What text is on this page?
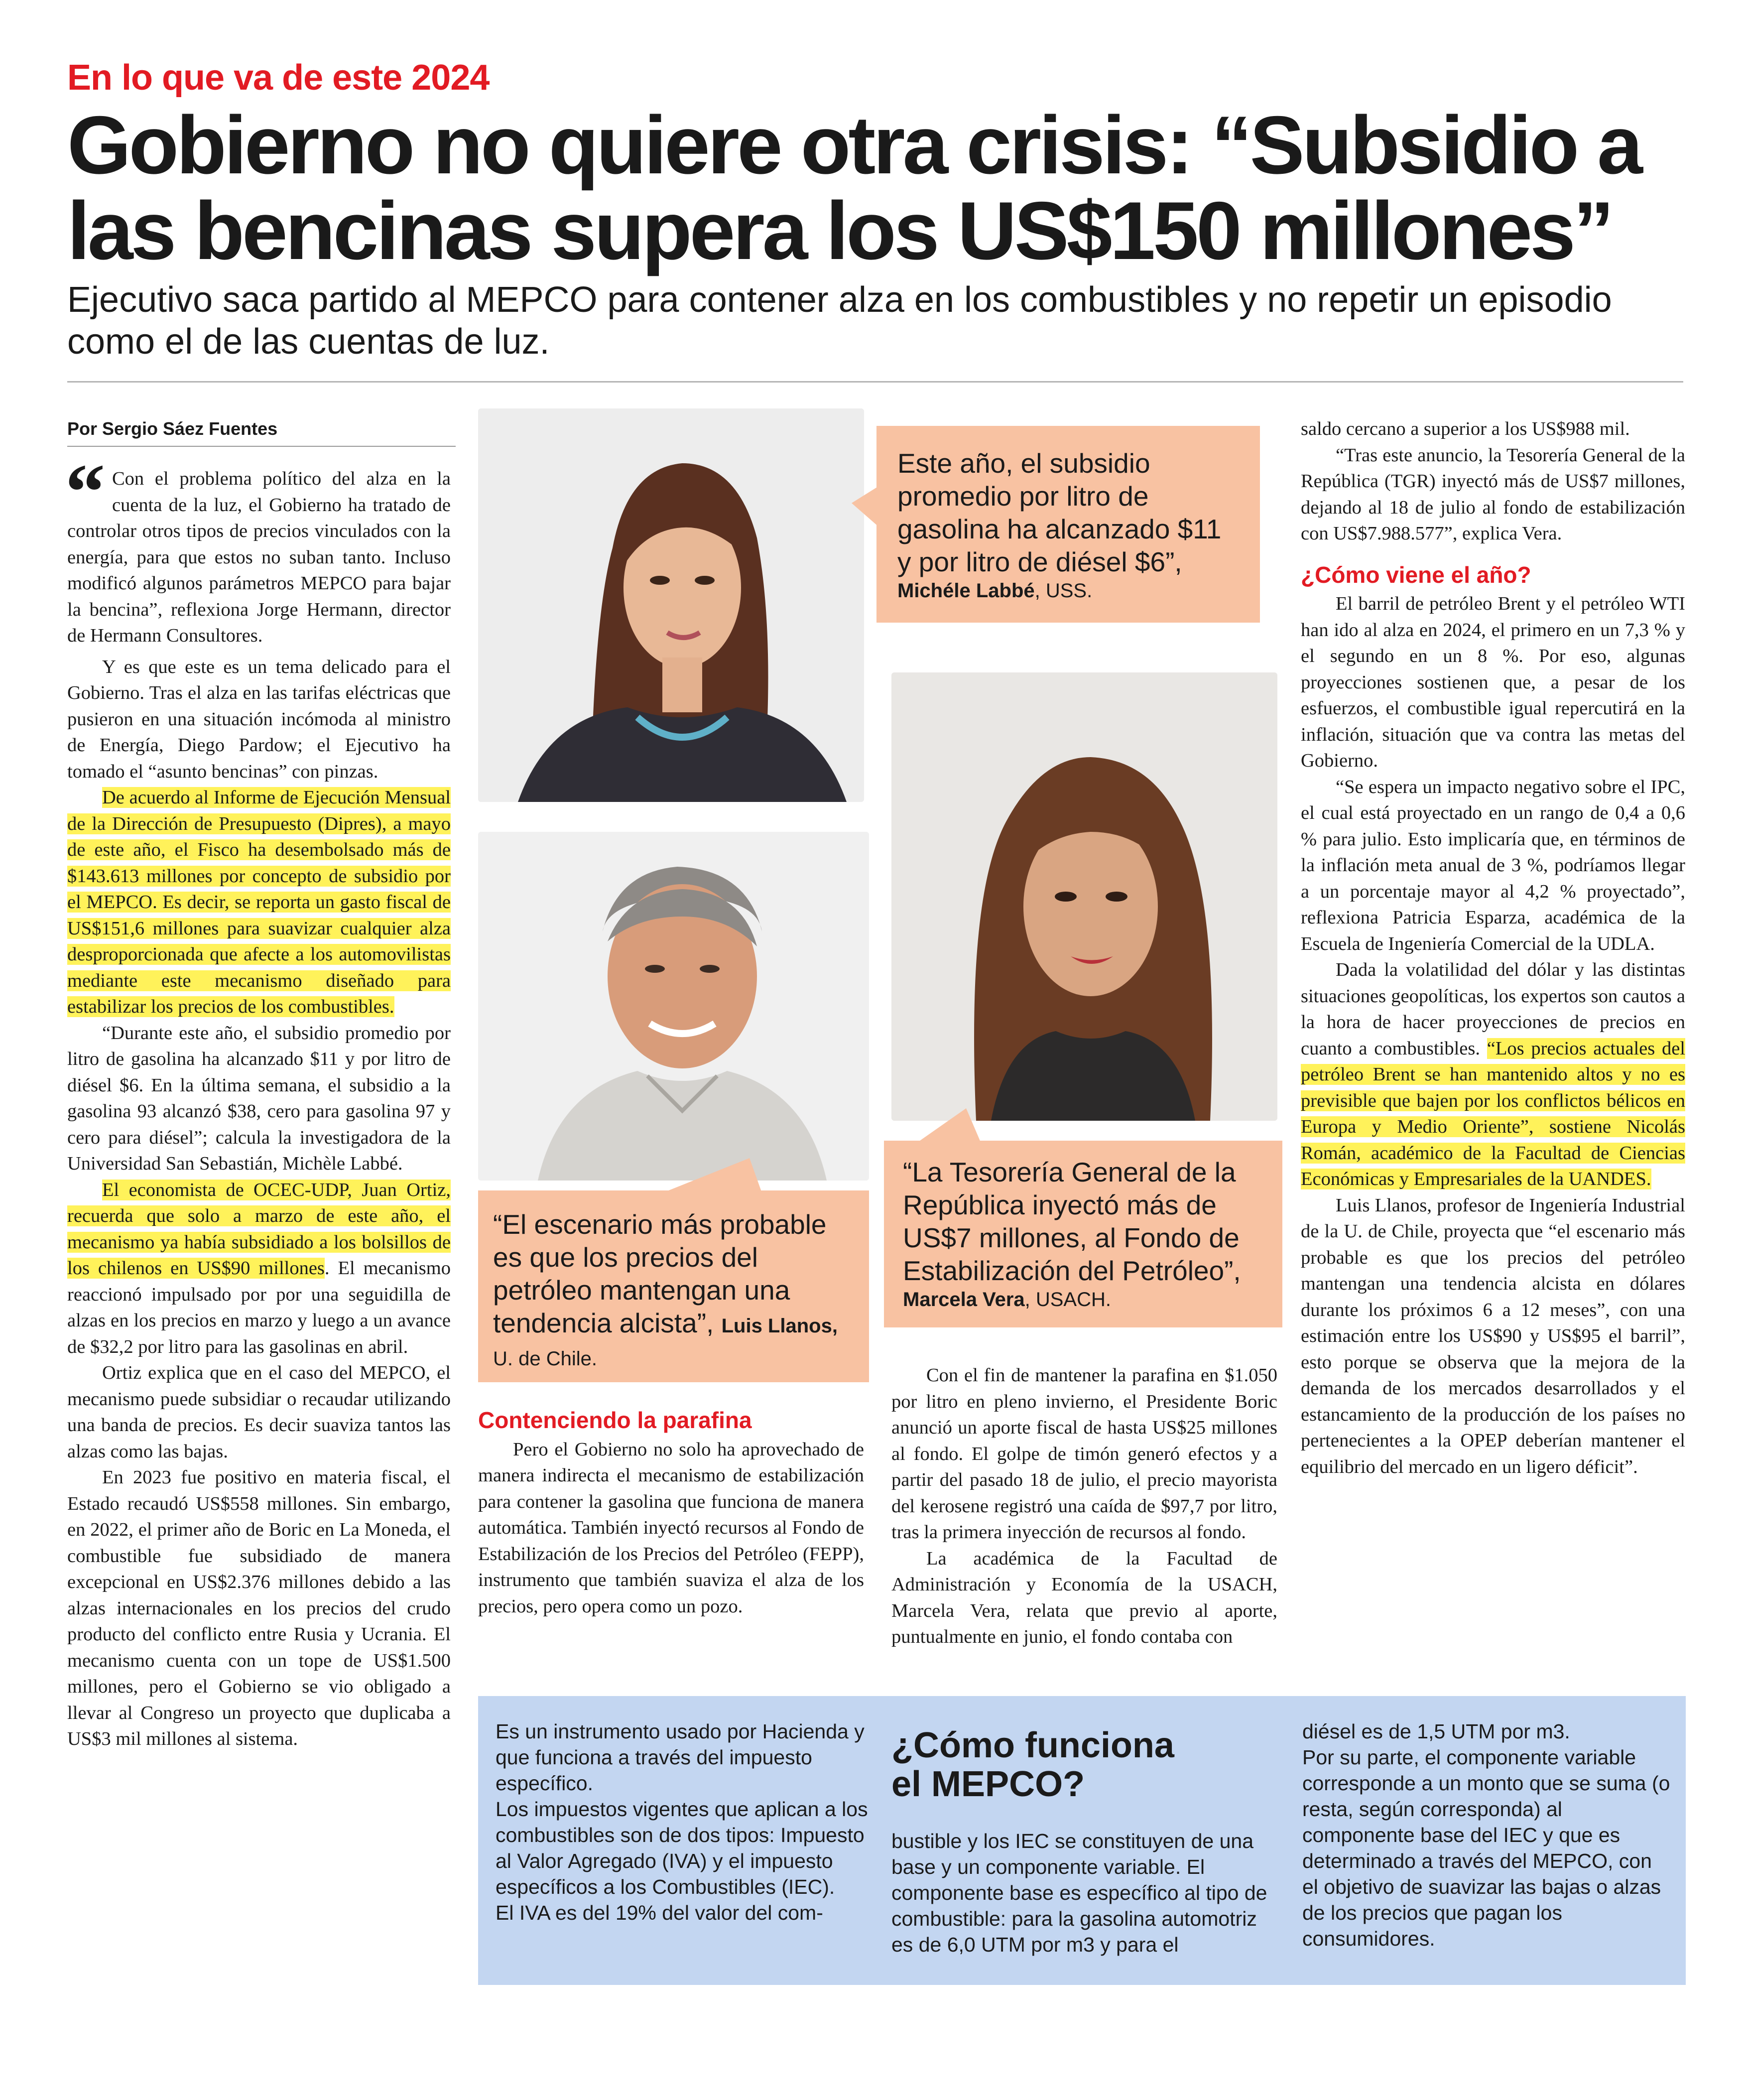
En lo que va de este 2024
Gobierno no quiere otra crisis: “Subsidio a las bencinas supera los US$150 millones”

Ejecutivo saca partido al MEPCO para contener alza en los combustibles y no repetir un episodio como el de las cuentas de luz.

Por Sergio Sáez Fuentes

“ Con el problema político del alza en la cuenta de la luz, el Gobierno ha tratado de controlar otros tipos de precios vinculados con la energía, para que estos no suban tanto. Incluso modificó algunos parámetros MEPCO para bajar la bencina”, reflexiona Jorge Hermann, director de Hermann Consultores.

Y es que este es un tema delicado para el Gobierno. Tras el alza en las tarifas eléctricas que pusieron en una situación incómoda al ministro de Energía, Diego Pardow; el Ejecutivo ha tomado el “asunto bencinas” con pinzas.

De acuerdo al Informe de Ejecución Mensual de la Dirección de Presupuesto (Dipres), a mayo de este año, el Fisco ha desembolsado más de $143.613 millones por concepto de subsidio por el MEPCO. Es decir, se reporta un gasto fiscal de US$151,6 millones para suavizar cualquier alza desproporcionada que afecte a los automovilistas mediante este mecanismo diseñado para estabilizar los precios de los combustibles.

“Durante este año, el subsidio promedio por litro de gasolina ha alcanzado $11 y por litro de diésel $6. En la última semana, el subsidio a la gasolina 93 alcanzó $38, cero para gasolina 97 y cero para diésel”; calcula la investigadora de la Universidad San Sebastián, Michèle Labbé.

El economista de OCEC-UDP, Juan Ortiz, recuerda que solo a marzo de este año, el mecanismo ya había subsidiado a los bolsillos de los chilenos en US$90 millones. El mecanismo reaccionó impulsado por por una seguidilla de alzas en los precios en marzo y luego a un avance de $32,2 por litro para las gasolinas en abril.

Ortiz explica que en el caso del MEPCO, el mecanismo puede subsidiar o recaudar utilizando una banda de precios. Es decir suaviza tantos las alzas como las bajas.

En 2023 fue positivo en materia fiscal, el Estado recaudó US$558 millones. Sin embargo, en 2022, el primer año de Boric en La Moneda, el combustible fue subsidiado de manera excepcional en US$2.376 millones debido a las alzas internacionales en los precios del crudo producto del conflicto entre Rusia y Ucrania. El mecanismo cuenta con un tope de US$1.500 millones, pero el Gobierno se vio obligado a llevar al Congreso un proyecto que duplicaba a US$3 mil millones al sistema.

Este año, el subsidio promedio por litro de gasolina ha alcanzado $11 y por litro de diésel $6”,
Michéle Labbé, USS.
“El escenario más probable es que los precios del petróleo mantengan una tendencia alcista”, Luis Llanos, U. de Chile.
“La Tesorería General de la República inyectó más de US$7 millones, al Fondo de Estabilización del Petróleo”,
Marcela Vera, USACH.
Contenciendo la parafina

Pero el Gobierno no solo ha aprovechado de manera indirecta el mecanismo de estabilización para contener la gasolina que funciona de manera automática. También inyectó recursos al Fondo de Estabilización de los Precios del Petróleo (FEPP), instrumento que también suaviza el alza de los precios, pero opera como un pozo.

Con el fin de mantener la parafina en $1.050 por litro en pleno invierno, el Presidente Boric anunció un aporte fiscal de hasta US$25 millones al fondo. El golpe de timón generó efectos y a partir del pasado 18 de julio, el precio mayorista del kerosene registró una caída de $97,7 por litro, tras la primera inyección de recursos al fondo.

La académica de la Facultad de Administración y Economía de la USACH, Marcela Vera, relata que previo al aporte, puntualmente en junio, el fondo contaba con

saldo cercano a superior a los US$988 mil.

“Tras este anuncio, la Tesorería General de la República (TGR) inyectó más de US$7 millones, dejando al 18 de julio al fondo de estabilización con US$7.988.577”, explica Vera.

¿Cómo viene el año?

El barril de petróleo Brent y el petróleo WTI han ido al alza en 2024, el primero en un 7,3 % y el segundo en un 8 %. Por eso, algunas proyecciones sostienen que, a pesar de los esfuerzos, el combustible igual repercutirá en la inflación, situación que va contra las metas del Gobierno.

“Se espera un impacto negativo sobre el IPC, el cual está proyectado en un rango de 0,4 a 0,6 % para julio. Esto implicaría que, en términos de la inflación meta anual de 3 %, podríamos llegar a un porcentaje mayor al 4,2 % proyectado”, reflexiona Patricia Esparza, académica de la Escuela de Ingeniería Comercial de la UDLA.

Dada la volatilidad del dólar y las distintas situaciones geopolíticas, los expertos son cautos a la hora de hacer proyecciones de precios en cuanto a combustibles. “Los precios actuales del petróleo Brent se han mantenido altos y no es previsible que bajen por los conflictos bélicos en Europa y Medio Oriente”, sostiene Nicolás Román, académico de la Facultad de Ciencias Económicas y Empresariales de la UANDES.

Luis Llanos, profesor de Ingeniería Industrial de la U. de Chile, proyecta que “el escenario más probable es que los precios del petróleo mantengan una tendencia alcista en dólares durante los próximos 6 a 12 meses”, con una estimación entre los US$90 y US$95 el barril”, esto porque se observa que la mejora de la demanda de los mercados desarrollados y el estancamiento de la producción de los países no pertenecientes a la OPEP deberían mantener el equilibrio del mercado en un ligero déficit”.

Es un instrumento usado por Hacienda y que funciona a través del impuesto específico.
Los impuestos vigentes que aplican a los combustibles son de dos tipos: Impuesto al Valor Agregado (IVA) y el impuesto específicos a los Combustibles (IEC).
El IVA es del 19% del valor del com-
¿Cómo funciona el MEPCO?
bustible y los IEC se constituyen de una base y un componente variable. El componente base es específico al tipo de combustible: para la gasolina automotriz es de 6,0 UTM por m3 y para el
diésel es de 1,5 UTM por m3.
Por su parte, el componente variable corresponde a un monto que se suma (o resta, según corresponda) al componente base del IEC y que es determinado a través del MEPCO, con el objetivo de suavizar las bajas o alzas de los precios que pagan los consumidores.
